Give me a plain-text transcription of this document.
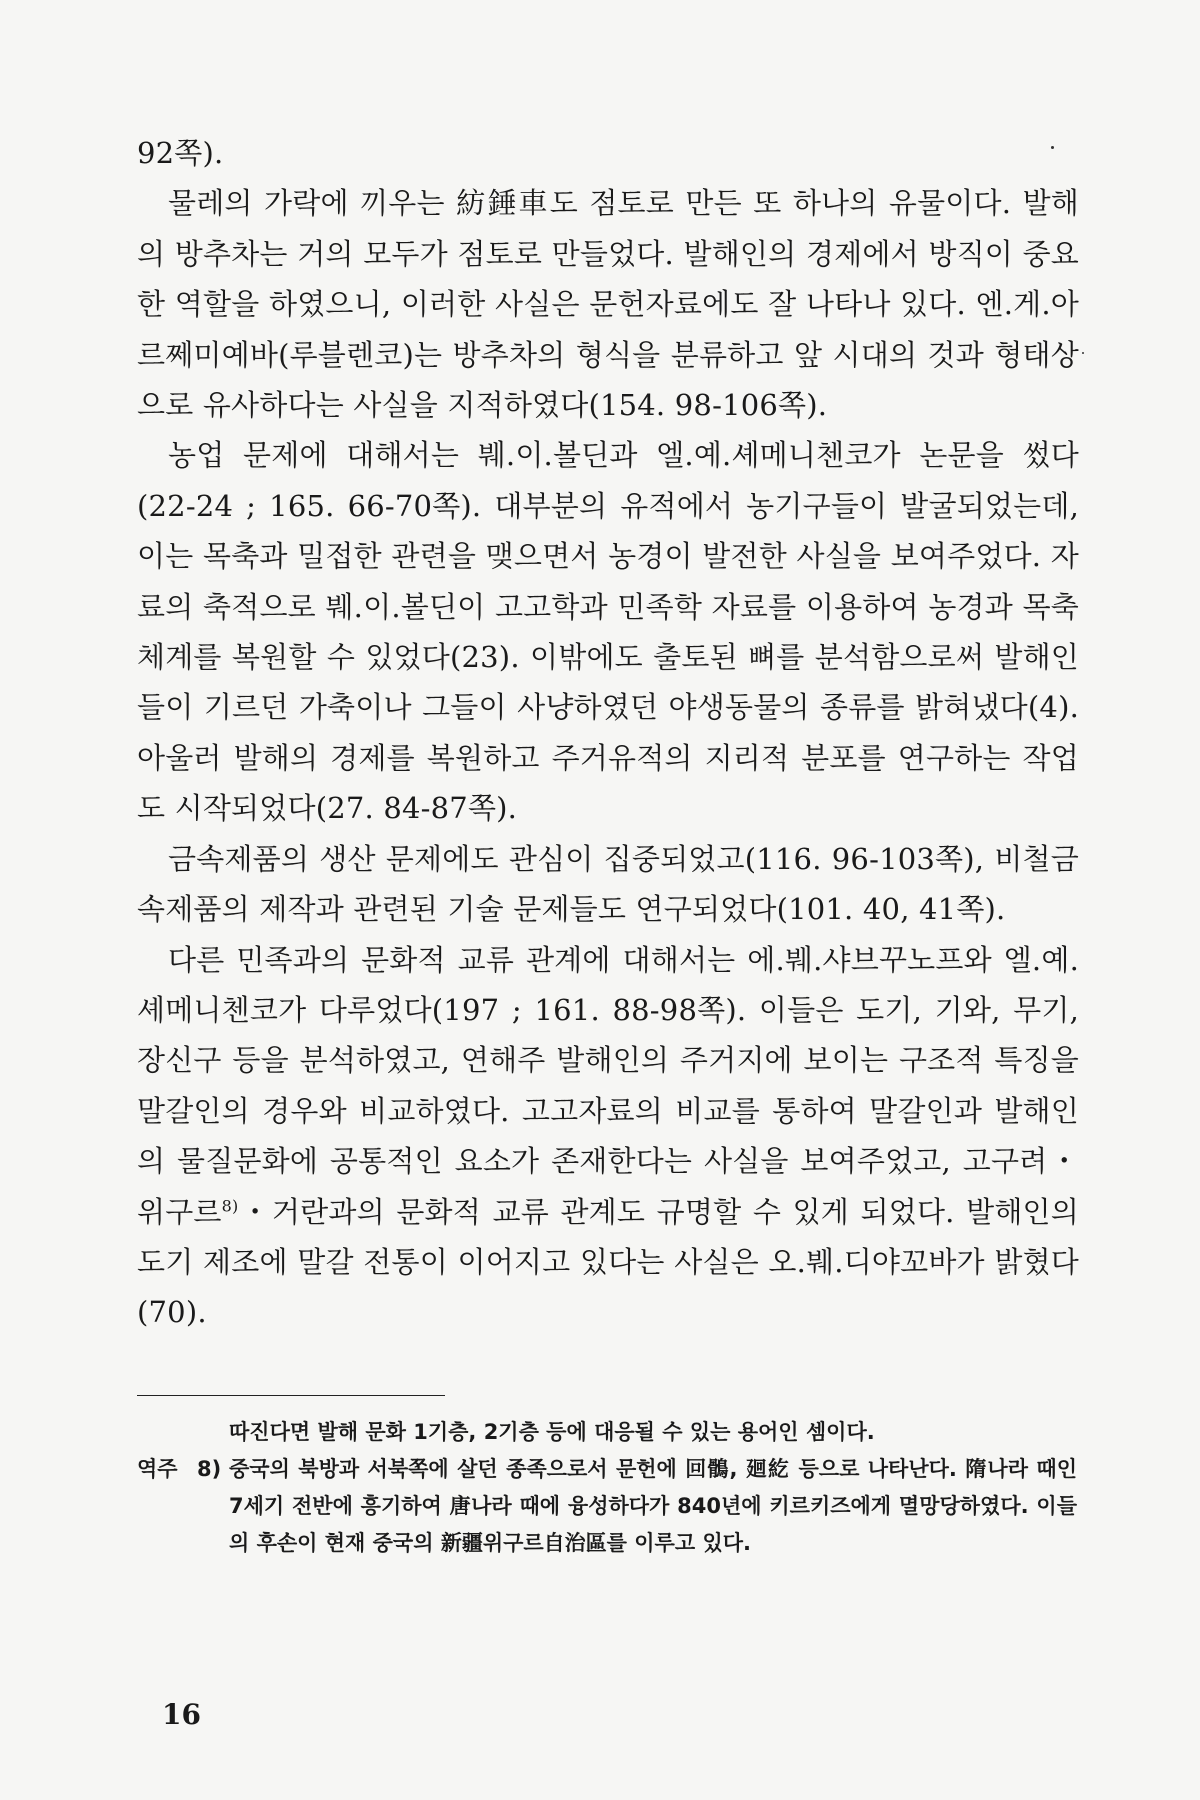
92쪽).

물레의 가락에 끼우는 紡錘車도 점토로 만든 또 하나의 유물이다. 발해의 방추차는 거의 모두가 점토로 만들었다. 발해인의 경제에서 방직이 중요한 역할을 하였으니, 이러한 사실은 문헌자료에도 잘 나타나 있다. 엔.게.아르쩨미예바(루블렌코)는 방추차의 형식을 분류하고 앞 시대의 것과 형태상으로 유사하다는 사실을 지적하였다(154. 98-106쪽).

농업 문제에 대해서는 붸.이.볼딘과 엘.예.셰메니첸코가 논문을 썼다 (22-24 ; 165. 66-70쪽). 대부분의 유적에서 농기구들이 발굴되었는데, 이는 목축과 밀접한 관련을 맺으면서 농경이 발전한 사실을 보여주었다. 자료의 축적으로 붸.이.볼딘이 고고학과 민족학 자료를 이용하여 농경과 목축 체계를 복원할 수 있었다(23). 이밖에도 출토된 뼈를 분석함으로써 발해인들이 기르던 가축이나 그들이 사냥하였던 야생동물의 종류를 밝혀냈다(4). 아울러 발해의 경제를 복원하고 주거유적의 지리적 분포를 연구하는 작업도 시작되었다(27. 84-87쪽).

금속제품의 생산 문제에도 관심이 집중되었고(116. 96-103쪽), 비철금속제품의 제작과 관련된 기술 문제들도 연구되었다(101. 40, 41쪽).

다른 민족과의 문화적 교류 관계에 대해서는 에.붸.샤브꾸노프와 엘.예.셰메니첸코가 다루었다(197 ; 161. 88-98쪽). 이들은 도기, 기와, 무기, 장신구 등을 분석하였고, 연해주 발해인의 주거지에 보이는 구조적 특징을 말갈인의 경우와 비교하였다. 고고자료의 비교를 통하여 말갈인과 발해인의 물질문화에 공통적인 요소가 존재한다는 사실을 보여주었고, 고구려・위구르$^{8)}$・거란과의 문화적 교류 관계도 규명할 수 있게 되었다. 발해인의 도기 제조에 말갈 전통이 이어지고 있다는 사실은 오.붸.디야꼬바가 밝혔다(70).

따진다면 발해 문화 1기층, 2기층 등에 대응될 수 있는 용어인 셈이다.

역주 8) 중국의 북방과 서북쪽에 살던 종족으로서 문헌에 回鶻, 廻紇 등으로 나타난다. 隋나라 때인 7세기 전반에 흥기하여 唐나라 때에 융성하다가 840년에 키르키즈에게 멸망당하였다. 이들의 후손이 현재 중국의 新疆위구르自治區를 이루고 있다.

16
